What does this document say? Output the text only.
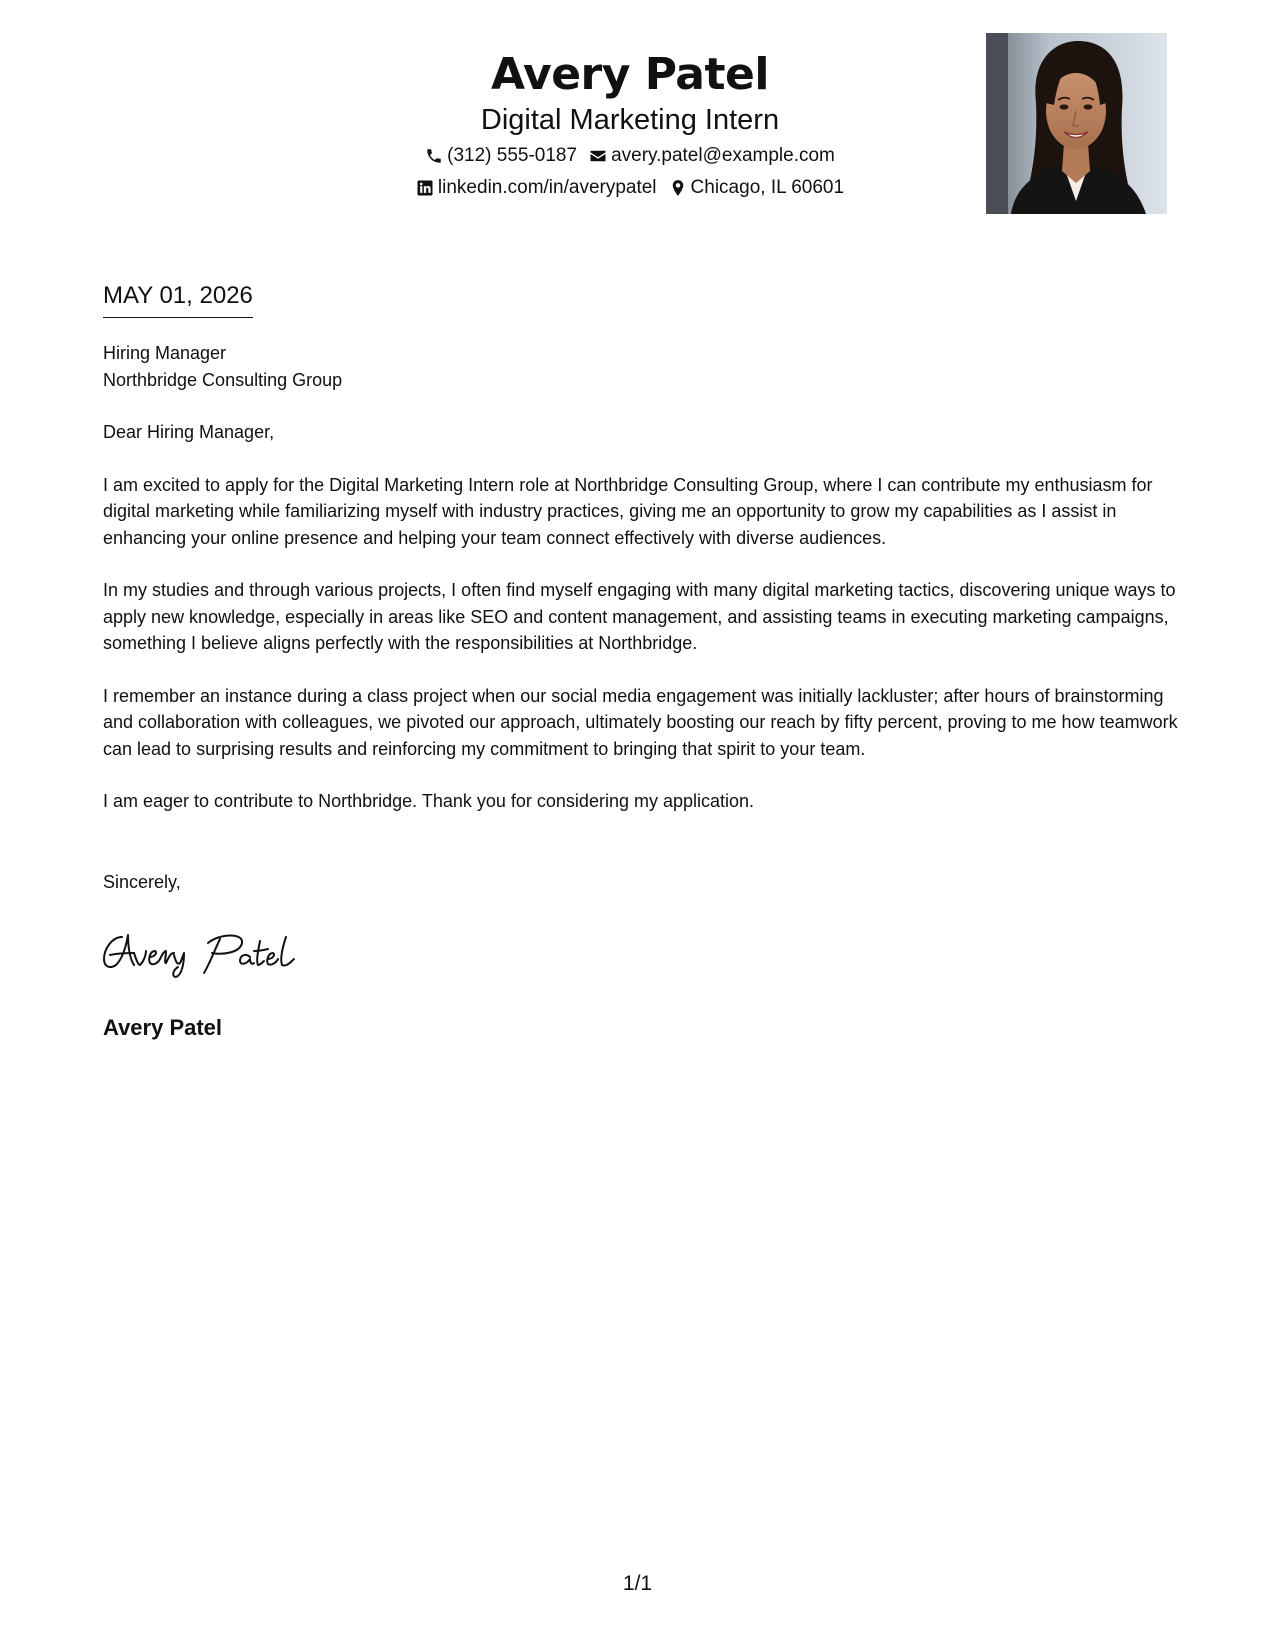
Avery Patel
Digital Marketing Intern
(312) 555-0187 avery.patel@example.com
linkedin.com/in/averypatel Chicago, IL 60601
MAY 01, 2026
Hiring Manager
Northbridge Consulting Group

Dear Hiring Manager,

I am excited to apply for the Digital Marketing Intern role at Northbridge Consulting Group, where I can contribute my enthusiasm for digital marketing while familiarizing myself with industry practices, giving me an opportunity to grow my capabilities as I assist in enhancing your online presence and helping your team connect effectively with diverse audiences.

In my studies and through various projects, I often find myself engaging with many digital marketing tactics, discovering unique ways to apply new knowledge, especially in areas like SEO and content management, and assisting teams in executing marketing campaigns, something I believe aligns perfectly with the responsibilities at Northbridge.

I remember an instance during a class project when our social media engagement was initially lackluster; after hours of brainstorming and collaboration with colleagues, we pivoted our approach, ultimately boosting our reach by fifty percent, proving to me how teamwork can lead to surprising results and reinforcing my commitment to bringing that spirit to your team.

I am eager to contribute to Northbridge. Thank you for considering my application.

Sincerely,
Avery Patel
1/1
